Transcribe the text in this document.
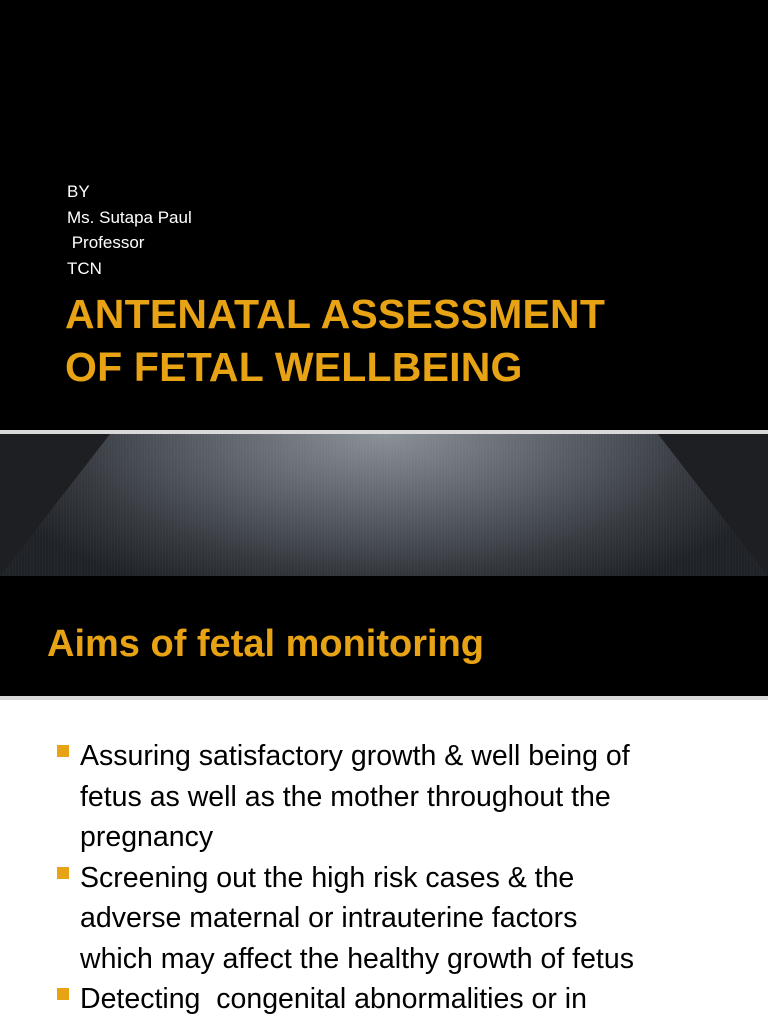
BY
Ms. Sutapa Paul
Professor
TCN
ANTENATAL ASSESSMENT
OF FETAL WELLBEING
Aims of fetal monitoring
Assuring satisfactory growth & well being of
fetus as well as the mother throughout the
pregnancy
Screening out the high risk cases & the
adverse maternal or intrauterine factors
which may affect the healthy growth of fetus
Detecting  congenital abnormalities or in
